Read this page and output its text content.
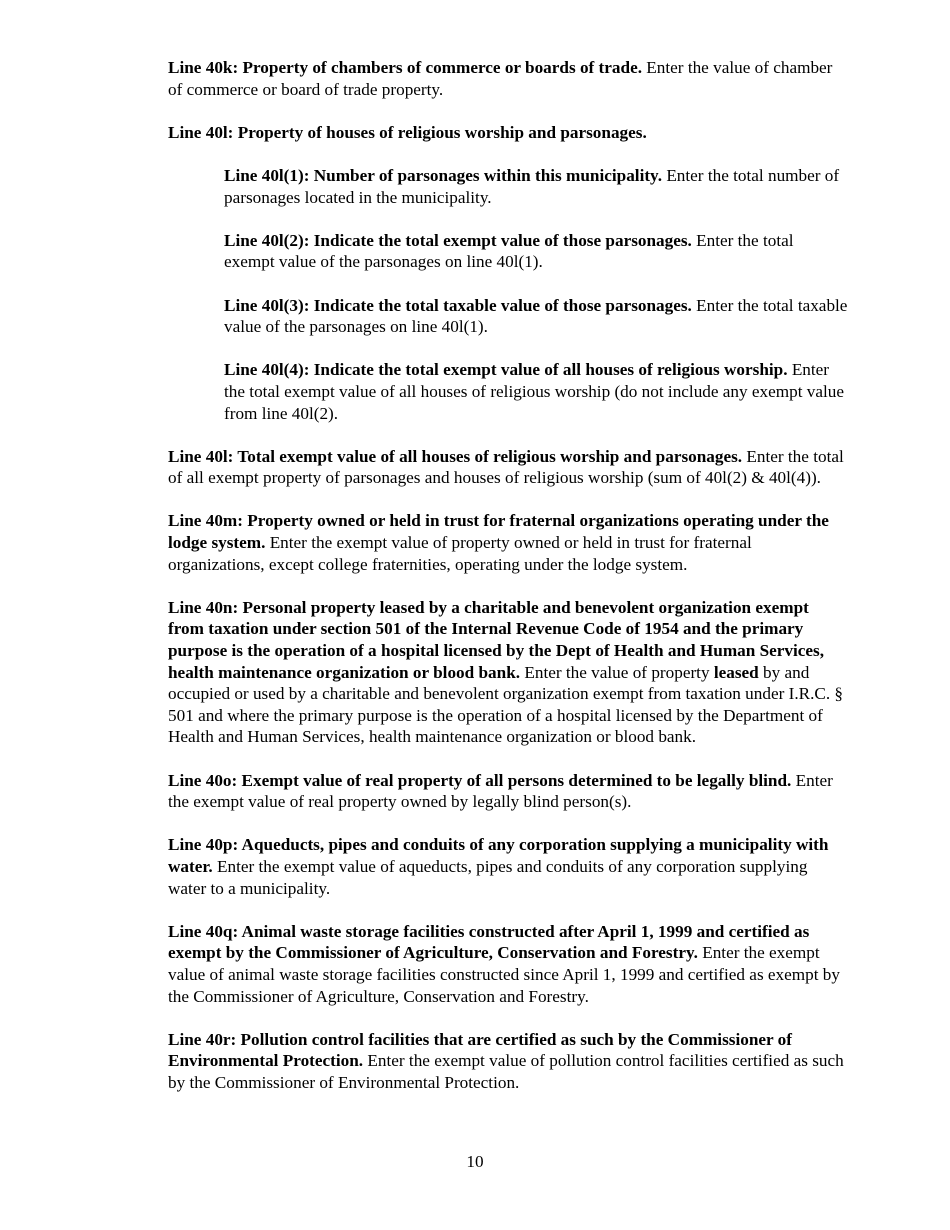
Line 40k: Property of chambers of commerce or boards of trade. Enter the value of chamber of commerce or board of trade property.

Line 40l: Property of houses of religious worship and parsonages.

Line 40l(1): Number of parsonages within this municipality. Enter the total number of parsonages located in the municipality.

Line 40l(2): Indicate the total exempt value of those parsonages. Enter the total exempt value of the parsonages on line 40l(1).

Line 40l(3): Indicate the total taxable value of those parsonages. Enter the total taxable value of the parsonages on line 40l(1).

Line 40l(4): Indicate the total exempt value of all houses of religious worship. Enter the total exempt value of all houses of religious worship (do not include any exempt value from line 40l(2).

Line 40l: Total exempt value of all houses of religious worship and parsonages. Enter the total of all exempt property of parsonages and houses of religious worship (sum of 40l(2) & 40l(4)).

Line 40m: Property owned or held in trust for fraternal organizations operating under the lodge system. Enter the exempt value of property owned or held in trust for fraternal organizations, except college fraternities, operating under the lodge system.

Line 40n: Personal property leased by a charitable and benevolent organization exempt from taxation under section 501 of the Internal Revenue Code of 1954 and the primary purpose is the operation of a hospital licensed by the Dept of Health and Human Services, health maintenance organization or blood bank. Enter the value of property leased by and occupied or used by a charitable and benevolent organization exempt from taxation under I.R.C. § 501 and where the primary purpose is the operation of a hospital licensed by the Department of Health and Human Services, health maintenance organization or blood bank.

Line 40o: Exempt value of real property of all persons determined to be legally blind. Enter the exempt value of real property owned by legally blind person(s).

Line 40p: Aqueducts, pipes and conduits of any corporation supplying a municipality with water. Enter the exempt value of aqueducts, pipes and conduits of any corporation supplying water to a municipality.

Line 40q: Animal waste storage facilities constructed after April 1, 1999 and certified as exempt by the Commissioner of Agriculture, Conservation and Forestry. Enter the exempt value of animal waste storage facilities constructed since April 1, 1999 and certified as exempt by the Commissioner of Agriculture, Conservation and Forestry.

Line 40r: Pollution control facilities that are certified as such by the Commissioner of Environmental Protection. Enter the exempt value of pollution control facilities certified as such by the Commissioner of Environmental Protection.

10
